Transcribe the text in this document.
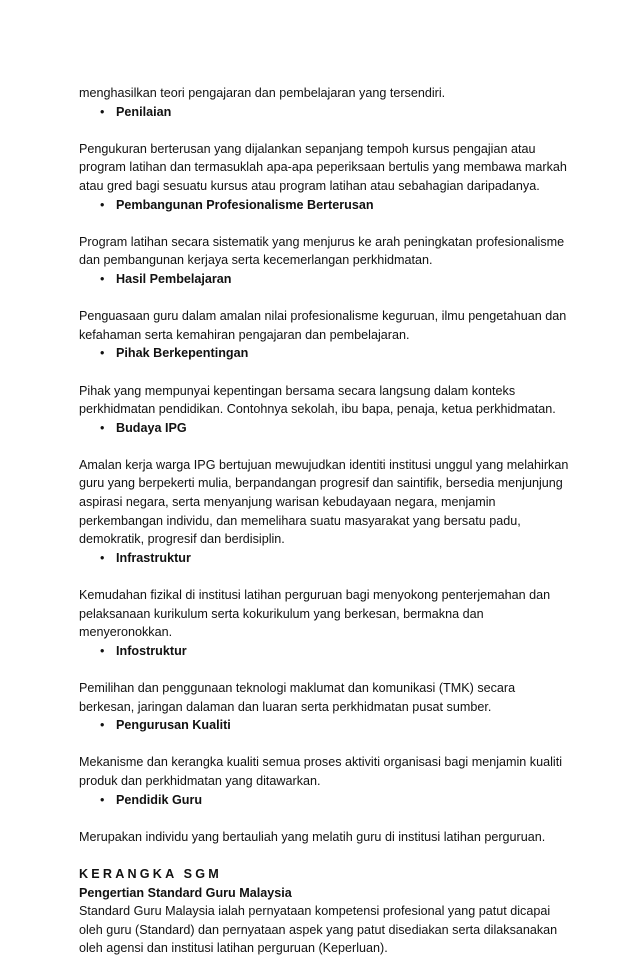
menghasilkan teori pengajaran dan pembelajaran yang tersendiri.

• Penilaian

Pengukuran berterusan yang dijalankan sepanjang tempoh kursus pengajian atau program latihan dan termasuklah apa-apa peperiksaan bertulis yang membawa markah atau gred bagi sesuatu kursus atau program latihan atau sebahagian daripadanya.

• Pembangunan Profesionalisme Berterusan

Program latihan secara sistematik yang menjurus ke arah peningkatan profesionalisme dan pembangunan kerjaya serta kecemerlangan perkhidmatan.

• Hasil Pembelajaran

Penguasaan guru dalam amalan nilai profesionalisme keguruan, ilmu pengetahuan dan kefahaman serta kemahiran pengajaran dan pembelajaran.

• Pihak Berkepentingan

Pihak yang mempunyai kepentingan bersama secara langsung dalam konteks perkhidmatan pendidikan. Contohnya sekolah, ibu bapa, penaja, ketua perkhidmatan.

• Budaya IPG

Amalan kerja warga IPG bertujuan mewujudkan identiti institusi unggul yang melahirkan guru yang berpekerti mulia, berpandangan progresif dan saintifik, bersedia menjunjung aspirasi negara, serta menyanjung warisan kebudayaan negara, menjamin perkembangan individu, dan memelihara suatu masyarakat yang bersatu padu, demokratik, progresif dan berdisiplin.

• Infrastruktur

Kemudahan fizikal di institusi latihan perguruan bagi menyokong penterjemahan dan pelaksanaan kurikulum serta kokurikulum yang berkesan, bermakna dan menyeronokkan.

• Infostruktur

Pemilihan dan penggunaan teknologi maklumat dan komunikasi (TMK) secara berkesan, jaringan dalaman dan luaran serta perkhidmatan pusat sumber.

• Pengurusan Kualiti

Mekanisme dan kerangka kualiti semua proses aktiviti organisasi bagi menjamin kualiti produk dan perkhidmatan yang ditawarkan.

• Pendidik Guru

Merupakan individu yang bertauliah yang melatih guru di institusi latihan perguruan.

KERANGKA SGM
Pengertian Standard Guru Malaysia

Standard Guru Malaysia ialah pernyataan kompetensi profesional yang patut dicapai oleh guru (Standard) dan pernyataan aspek yang patut disediakan serta dilaksanakan oleh agensi dan institusi latihan perguruan (Keperluan).
